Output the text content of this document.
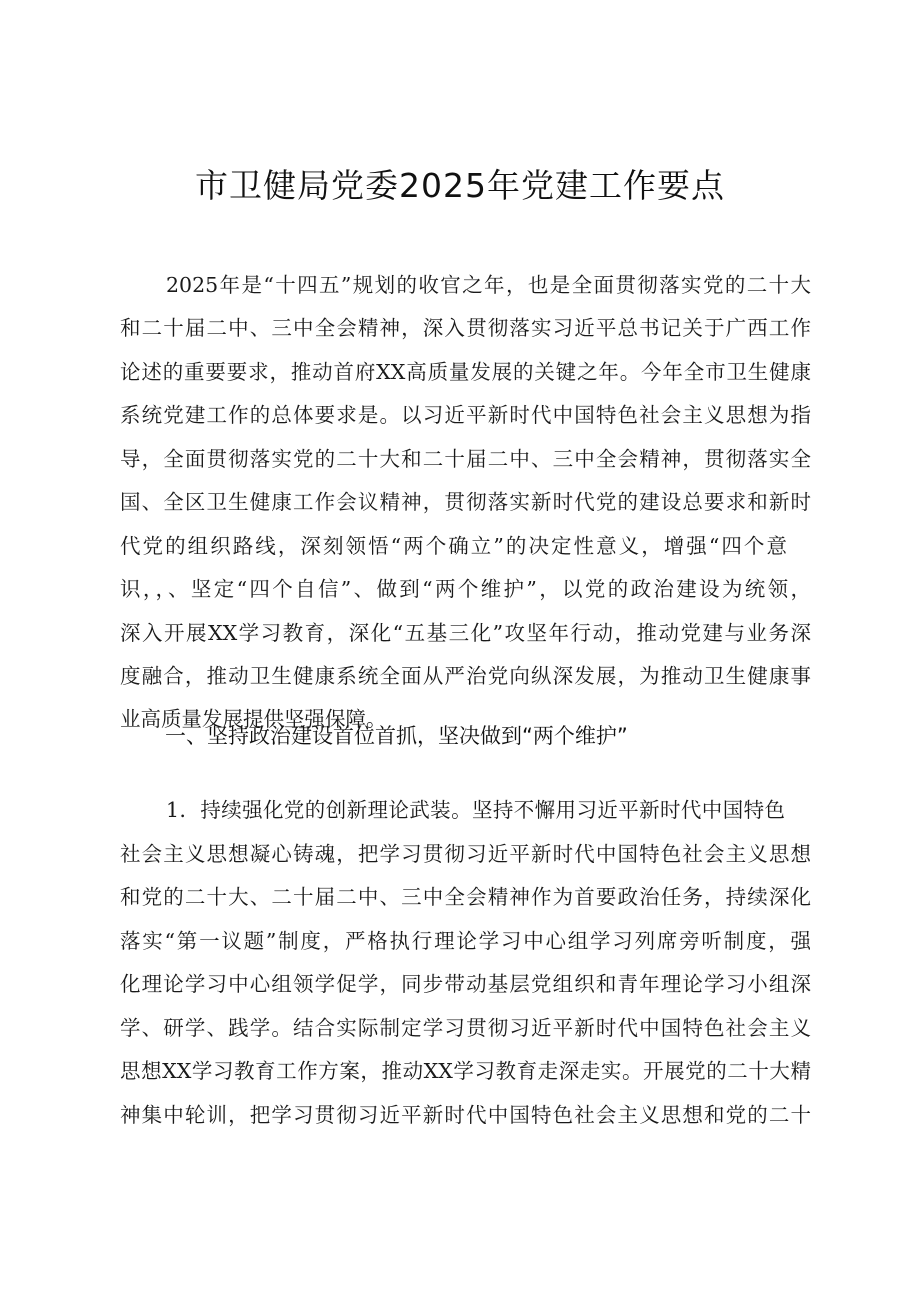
市卫健局党委2025年党建工作要点

2025年是“十四五”规划的收官之年，也是全面贯彻落实党的二十大

和二十届二中、三中全会精神，深入贯彻落实习近平总书记关于广西工作

论述的重要要求，推动首府XX高质量发展的关键之年。今年全市卫生健康

系统党建工作的总体要求是。以习近平新时代中国特色社会主义思想为指

导，全面贯彻落实党的二十大和二十届二中、三中全会精神，贯彻落实全

国、全区卫生健康工作会议精神，贯彻落实新时代党的建设总要求和新时

代党的组织路线，深刻领悟“两个确立”的决定性意义，增强“四个意

识，，、坚定“四个自信”、做到“两个维护”，以党的政治建设为统领，

深入开展XX学习教育，深化“五基三化”攻坚年行动，推动党建与业务深

度融合，推动卫生健康系统全面从严治党向纵深发展，为推动卫生健康事

业高质量发展提供坚强保障。

一、坚持政治建设首位首抓，坚决做到“两个维护”

1．持续强化党的创新理论武装。坚持不懈用习近平新时代中国特色

社会主义思想凝心铸魂，把学习贯彻习近平新时代中国特色社会主义思想

和党的二十大、二十届二中、三中全会精神作为首要政治任务，持续深化

落实“第一议题”制度，严格执行理论学习中心组学习列席旁听制度，强

化理论学习中心组领学促学，同步带动基层党组织和青年理论学习小组深

学、研学、践学。结合实际制定学习贯彻习近平新时代中国特色社会主义

思想XX学习教育工作方案，推动XX学习教育走深走实。开展党的二十大精

神集中轮训，把学习贯彻习近平新时代中国特色社会主义思想和党的二十
